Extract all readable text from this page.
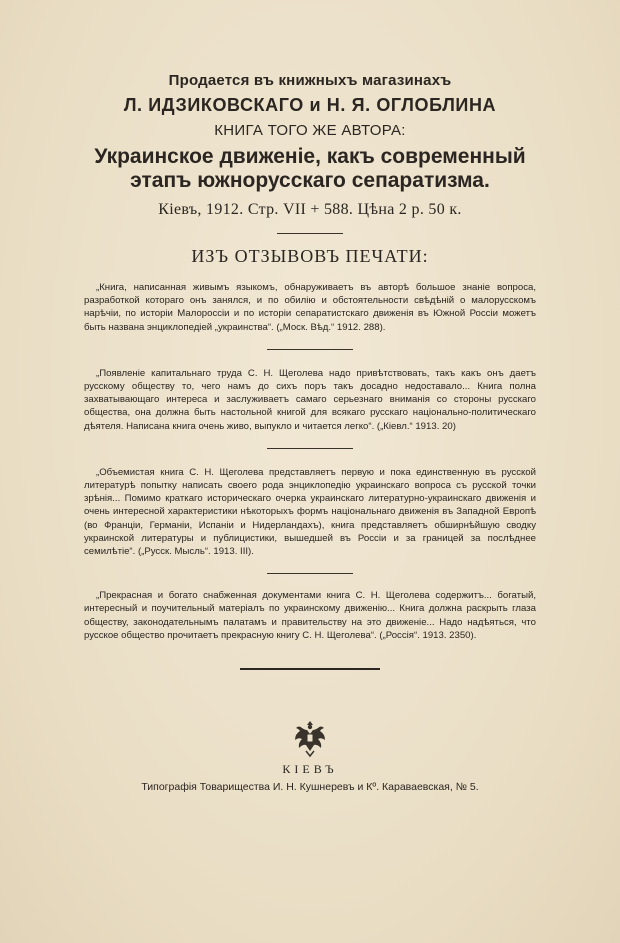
Продается въ книжныхъ магазинахъ

Л. ИДЗИКОВСКАГО и Н. Я. ОГЛОБЛИНА

КНИГА ТОГО ЖЕ АВТОРА:

Украинское движенiе, какъ современный
этапъ южнорусскаго сепаратизма.

Кiевъ, 1912. Стр. VII + 588. Цѣна 2 р. 50 к.

ИЗЪ ОТЗЫВОВЪ ПЕЧАТИ:

„Книга, написанная живымъ языкомъ, обнаруживаетъ въ авторѣ большое знанiе вопроса, разработкой котораго онъ занялся, и по обилiю и обстоятельности свѣдѣнiй о малорусскомъ нарѣчiи, по исторiи Малороссiи и по исторiи сепаратистскаго движенiя въ Южной Россiи можетъ быть названа энциклопедiей „украинства“. („Моск. Вѣд.“ 1912. 288).

„Появленiе капитальнаго труда С. Н. Щеголева надо привѣтствовать, такъ какъ онъ даетъ русскому обществу то, чего намъ до сихъ поръ такъ досадно недоставало... Книга полна захватывающаго интереса и заслуживаетъ самаго серьезнаго вниманiя со стороны русскаго общества, она должна быть настольной книгой для всякаго русскаго нацiонально-политическаго дѣятеля. Написана книга очень живо, выпукло и читается легко“. („Кiевл.“ 1913. 20)

„Объемистая книга С. Н. Щеголева представляетъ первую и пока единственную въ русской литературѣ попытку написать своего рода энциклопедiю украинскаго вопроса съ русской точки зрѣнiя... Помимо краткаго историческаго очерка украинскаго литературно-украинскаго движенiя и очень интересной характеристики нѣкоторыхъ формъ нацiональнаго движенiя въ Западной Европѣ (во Францiи, Германiи, Испанiи и Нидерландахъ), книга представляетъ обширнѣйшую сводку украинской литературы и публицистики, вышедшей въ Россiи и за границей за послѣднее семилѣтiе“. („Русск. Мысль“. 1913. III).

„Прекрасная и богато снабженная документами книга С. Н. Щеголева содержитъ... богатый, интересный и поучительный матерiалъ по украинскому движенiю... Книга должна раскрыть глаза обществу, законодательнымъ палатамъ и правительству на это движенiе... Надо надѣяться, что русское общество прочитаетъ прекрасную книгу С. Н. Щеголева“. („Россiя“. 1913. 2350).

КIЕВЪ

Типографiя Товарищества И. Н. Кушнеревъ и Кº. Караваевская, № 5.
